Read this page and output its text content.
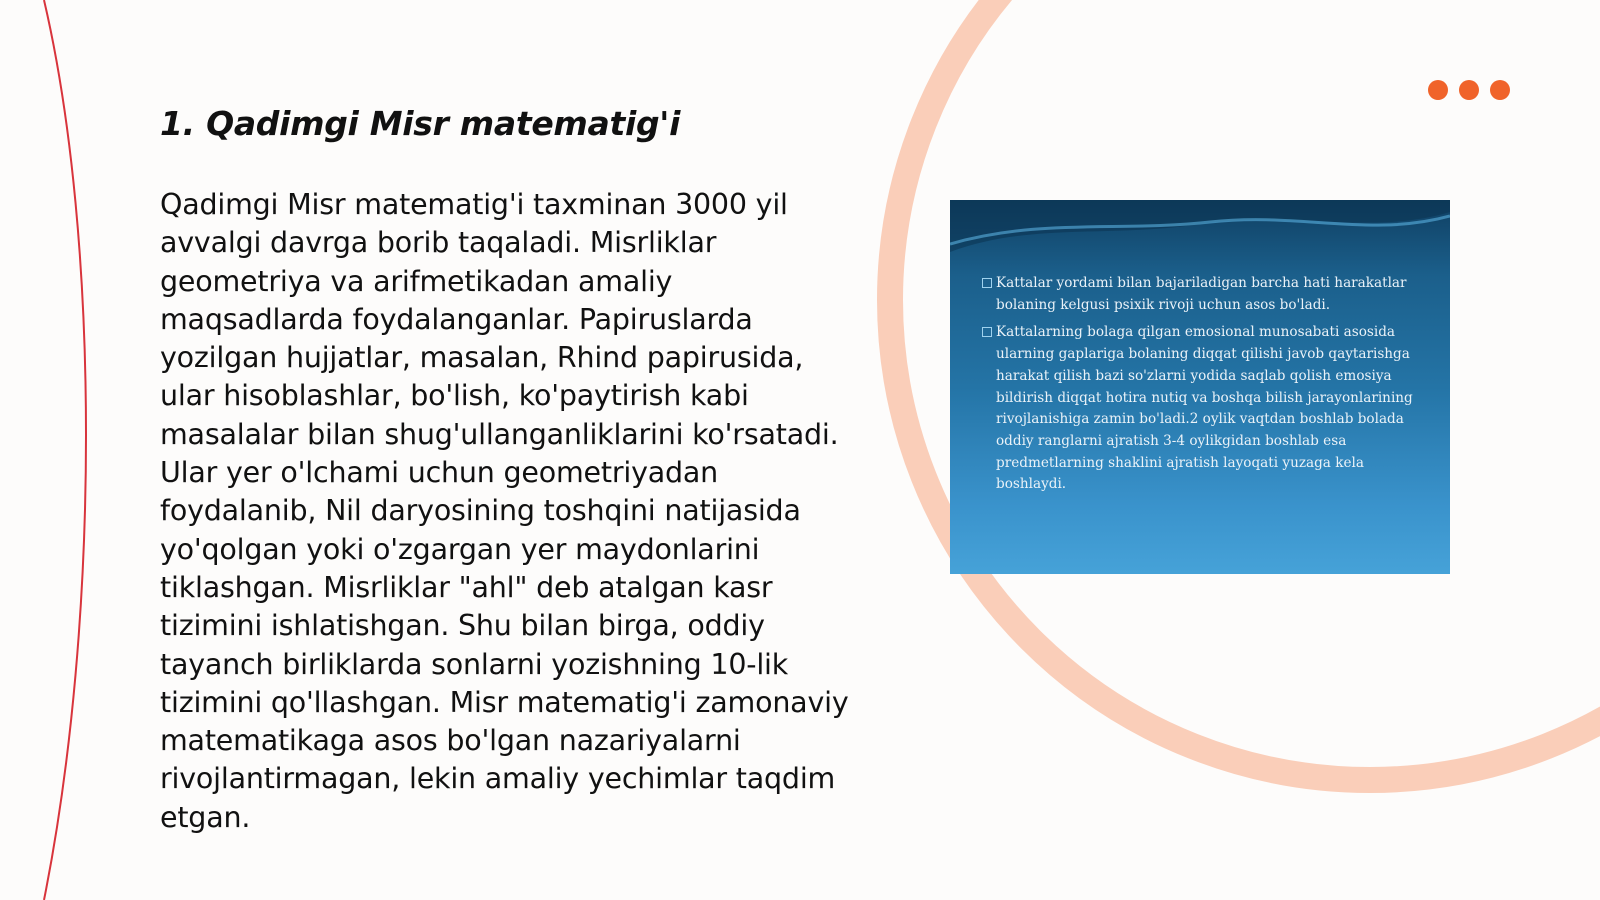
1. Qadimgi Misr matematig'i

Qadimgi Misr matematig'i taxminan 3000 yil avvalgi davrga borib taqaladi. Misrliklar geometriya va arifmetikadan amaliy maqsadlarda foydalanganlar. Papiruslarda yozilgan hujjatlar, masalan, Rhind papirusida, ular hisoblashlar, bo'lish, ko'paytirish kabi masalalar bilan shug'ullanganliklarini ko'rsatadi. Ular yer o'lchami uchun geometriyadan foydalanib, Nil daryosining toshqini natijasida yo'qolgan yoki o'zgargan yer maydonlarini tiklashgan. Misrliklar "ahl" deb atalgan kasr tizimini ishlatishgan. Shu bilan birga, oddiy tayanch birliklarda sonlarni yozishning 10-lik tizimini qo'llashgan. Misr matematig'i zamonaviy matematikaga asos bo'lgan nazariyalarni rivojlantirmagan, lekin amaliy yechimlar taqdim etgan.

Kattalar yordami bilan bajariladigan barcha hati harakatlar bolaning kelgusi psixik rivoji uchun asos bo'ladi.
Kattalarning bolaga qilgan emosional munosabati asosida ularning gaplariga bolaning diqqat qilishi javob qaytarishga harakat qilish bazi so'zlarni yodida saqlab qolish emosiya bildirish diqqat hotira nutiq va boshqa bilish jarayonlarining rivojlanishiga zamin bo'ladi.2 oylik vaqtdan boshlab bolada oddiy ranglarni ajratish 3-4 oylikgidan boshlab esa predmetlarning shaklini ajratish layoqati yuzaga kela boshlaydi.
